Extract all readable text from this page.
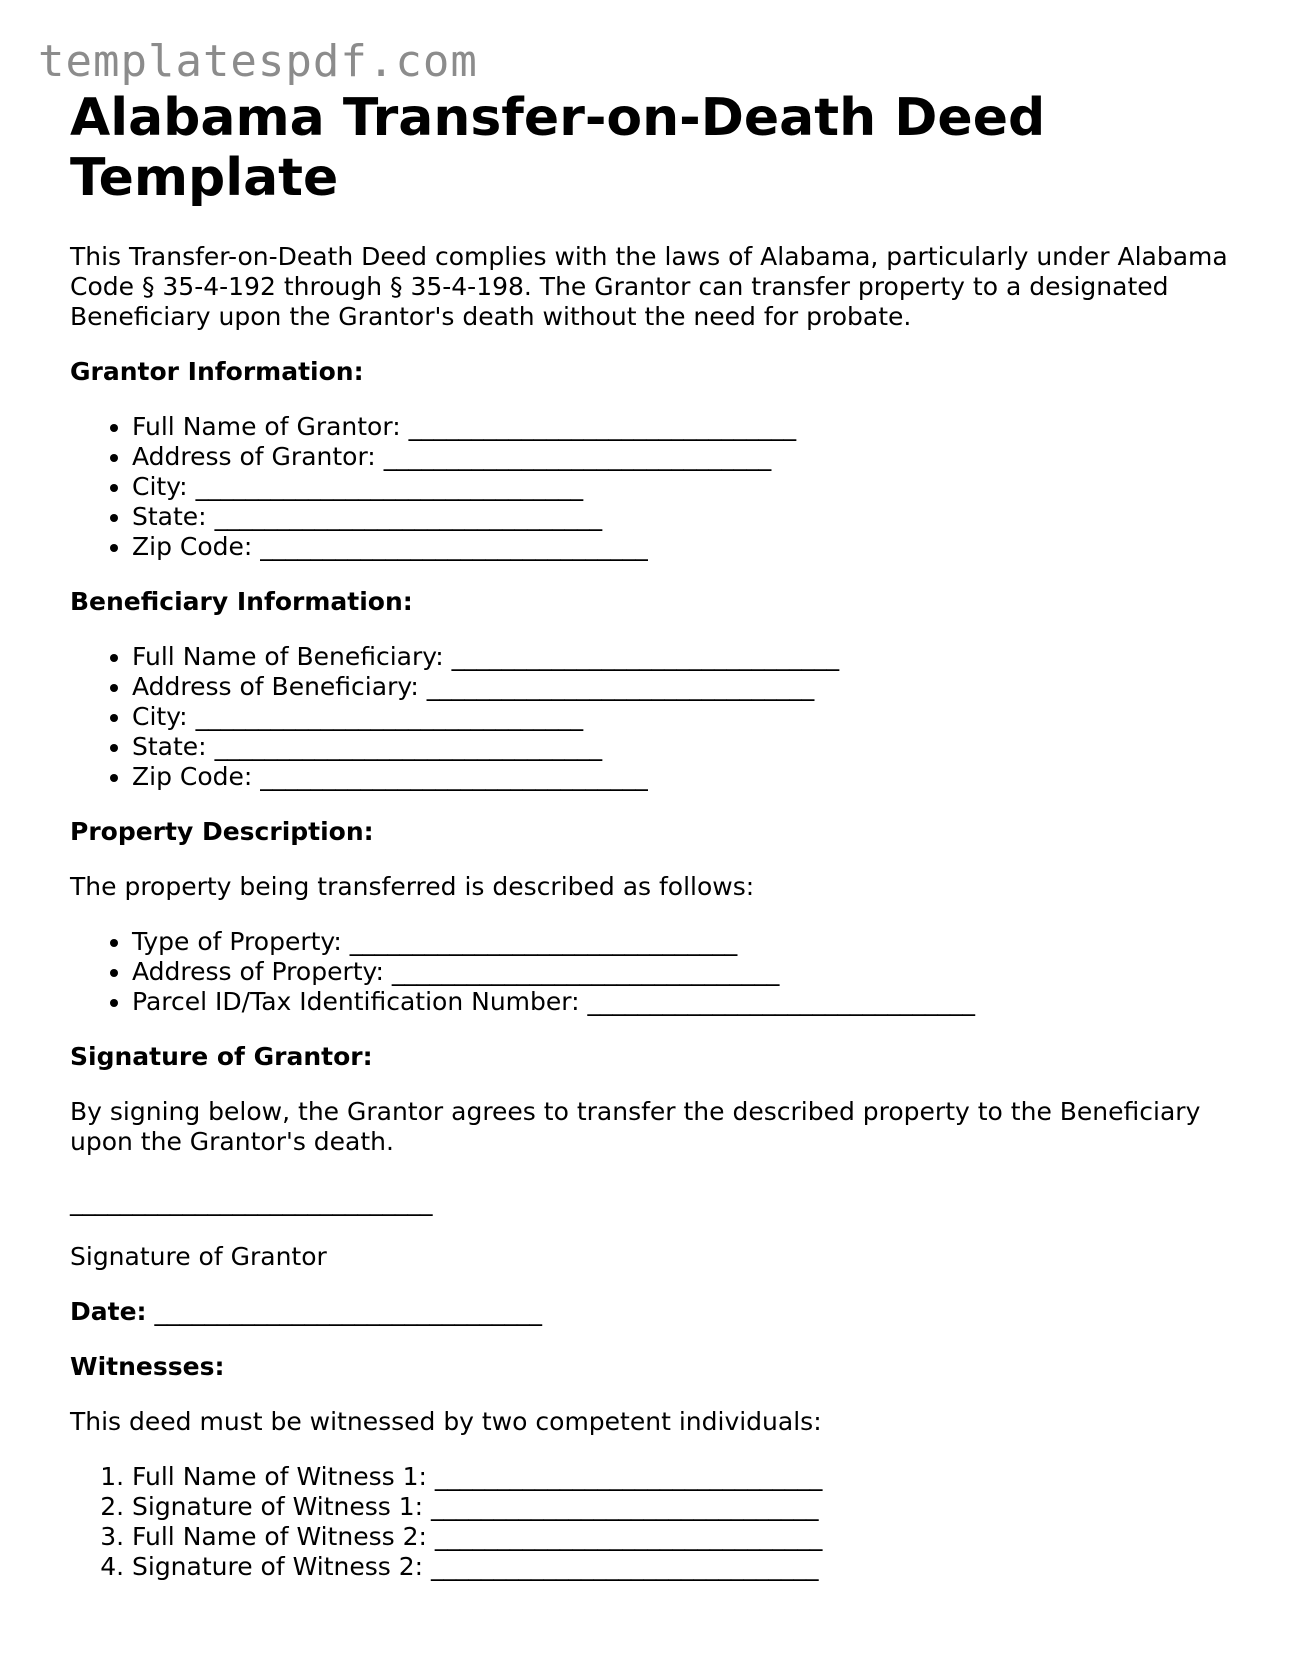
templatespdf.com
Alabama Transfer-on-Death Deed Template

This Transfer-on-Death Deed complies with the laws of Alabama, particularly under Alabama Code § 35-4-192 through § 35-4-198. The Grantor can transfer property to a designated Beneficiary upon the Grantor's death without the need for probate.

Grantor Information:
• Full Name of Grantor: _______________________________
• Address of Grantor: _______________________________
• City: _______________________________
• State: _______________________________
• Zip Code: _______________________________
Beneficiary Information:
• Full Name of Beneficiary: _______________________________
• Address of Beneficiary: _______________________________
• City: _______________________________
• State: _______________________________
• Zip Code: _______________________________
Property Description:

The property being transferred is described as follows:

• Type of Property: _______________________________
• Address of Property: _______________________________
• Parcel ID/Tax Identification Number: _______________________________
Signature of Grantor:

By signing below, the Grantor agrees to transfer the described property to the Beneficiary upon the Grantor's death.

_____________________________

Signature of Grantor

Date: _______________________________

Witnesses:

This deed must be witnessed by two competent individuals:

1. Full Name of Witness 1: _______________________________
2. Signature of Witness 1: _______________________________
3. Full Name of Witness 2: _______________________________
4. Signature of Witness 2: _______________________________
